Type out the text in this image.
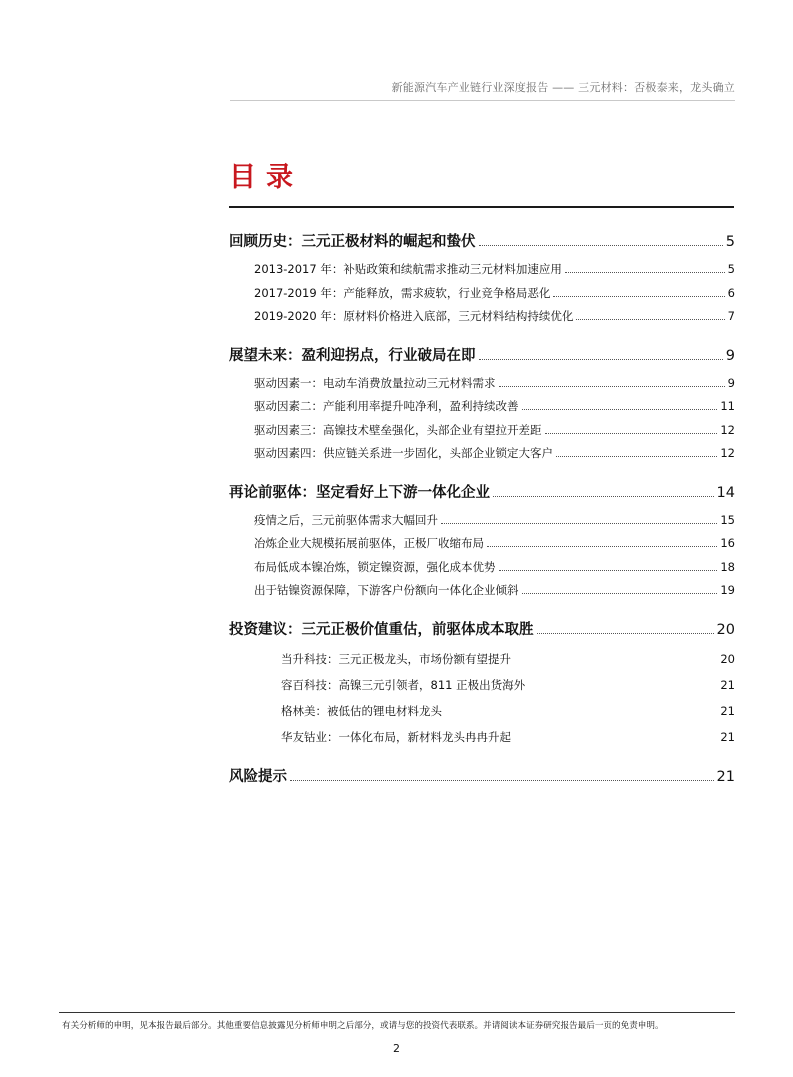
新能源汽车产业链行业深度报告 —— 三元材料：否极泰来，龙头确立
目录
回顾历史：三元正极材料的崛起和蛰伏	5
2013-2017 年：补贴政策和续航需求推动三元材料加速应用	5
2017-2019 年：产能释放，需求疲软，行业竞争格局恶化	6
2019-2020 年：原材料价格进入底部，三元材料结构持续优化	7
展望未来：盈利迎拐点，行业破局在即	9
驱动因素一：电动车消费放量拉动三元材料需求	9
驱动因素二：产能利用率提升吨净利，盈利持续改善	11
驱动因素三：高镍技术壁垒强化，头部企业有望拉开差距	12
驱动因素四：供应链关系进一步固化，头部企业锁定大客户	12
再论前驱体：坚定看好上下游一体化企业	14
疫情之后，三元前驱体需求大幅回升	15
冶炼企业大规模拓展前驱体，正极厂收缩布局	16
布局低成本镍冶炼，锁定镍资源，强化成本优势	18
出于钴镍资源保障，下游客户份额向一体化企业倾斜	19
投资建议：三元正极价值重估，前驱体成本取胜	20
当升科技：三元正极龙头，市场份额有望提升	20
容百科技：高镍三元引领者，811 正极出货海外	21
格林美：被低估的锂电材料龙头	21
华友钴业：一体化布局，新材料龙头冉冉升起	21
风险提示	21
有关分析师的申明，见本报告最后部分。其他重要信息披露见分析师申明之后部分，或请与您的投资代表联系。并请阅读本证券研究报告最后一页的免责申明。
2
